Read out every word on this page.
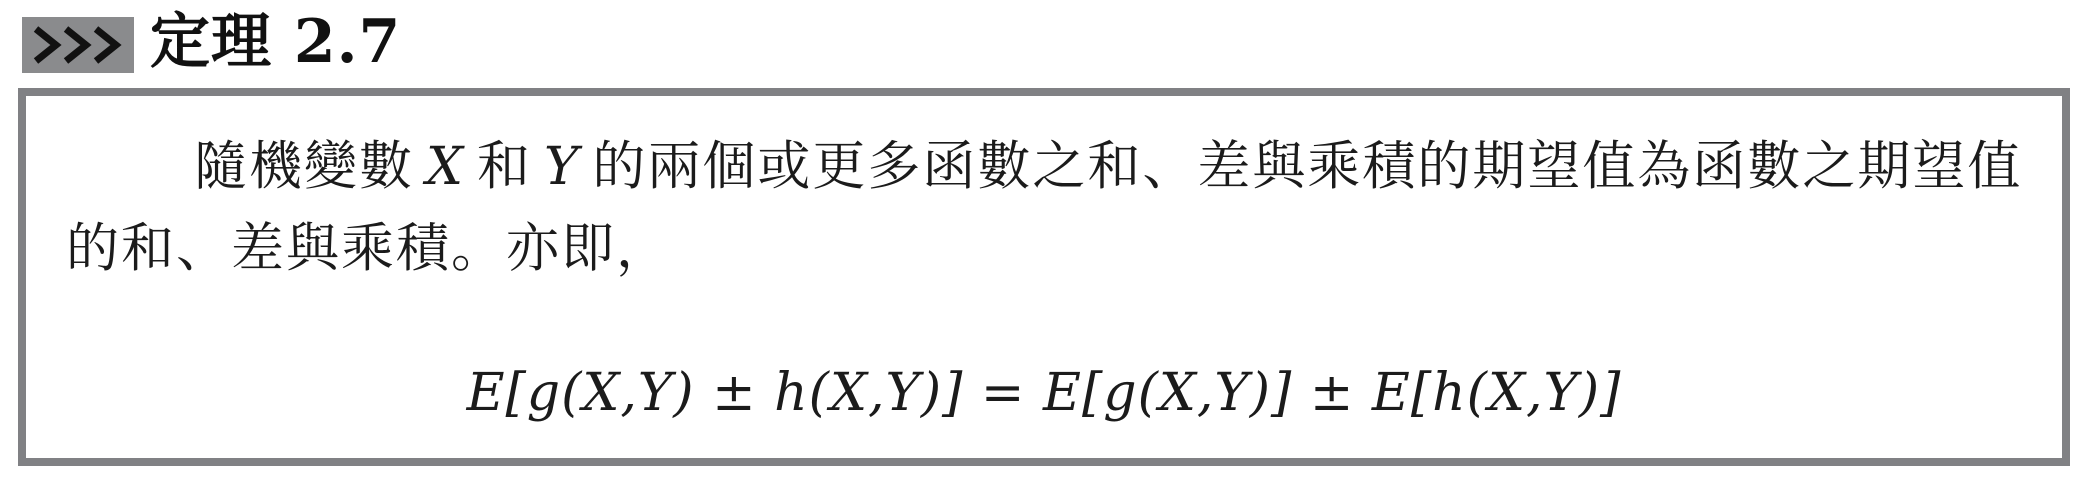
定理 2.7
隨機變數 X 和 Y 的兩個或更多函數之和、差與乘積的期望值為函數之期望值的和、差與乘積。亦即，
E[g(X,Y) ± h(X,Y)] = E[g(X,Y)] ± E[h(X,Y)]
